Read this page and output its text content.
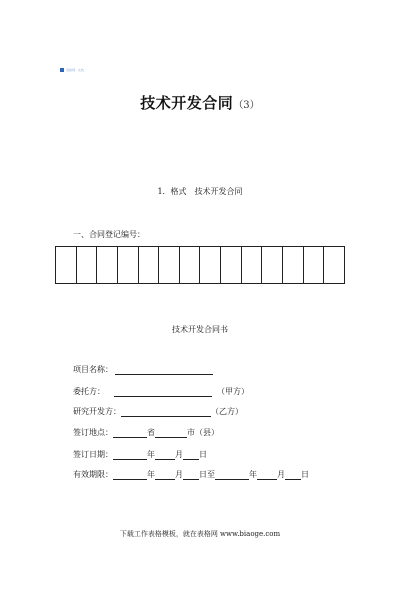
表格网 · 文档
技术开发合同（3）
1．格式　技术开发合同
一、合同登记编号：
技术开发合同书
项目名称：
委托方：	（甲方）
研究开发方：	（乙方）
签订地点：	省	市（县）
签订日期：	年	月 日
有效期限：	年	月 日至	年	月 日
下载工作表格模板，就在表格网 www.biaoge.com
